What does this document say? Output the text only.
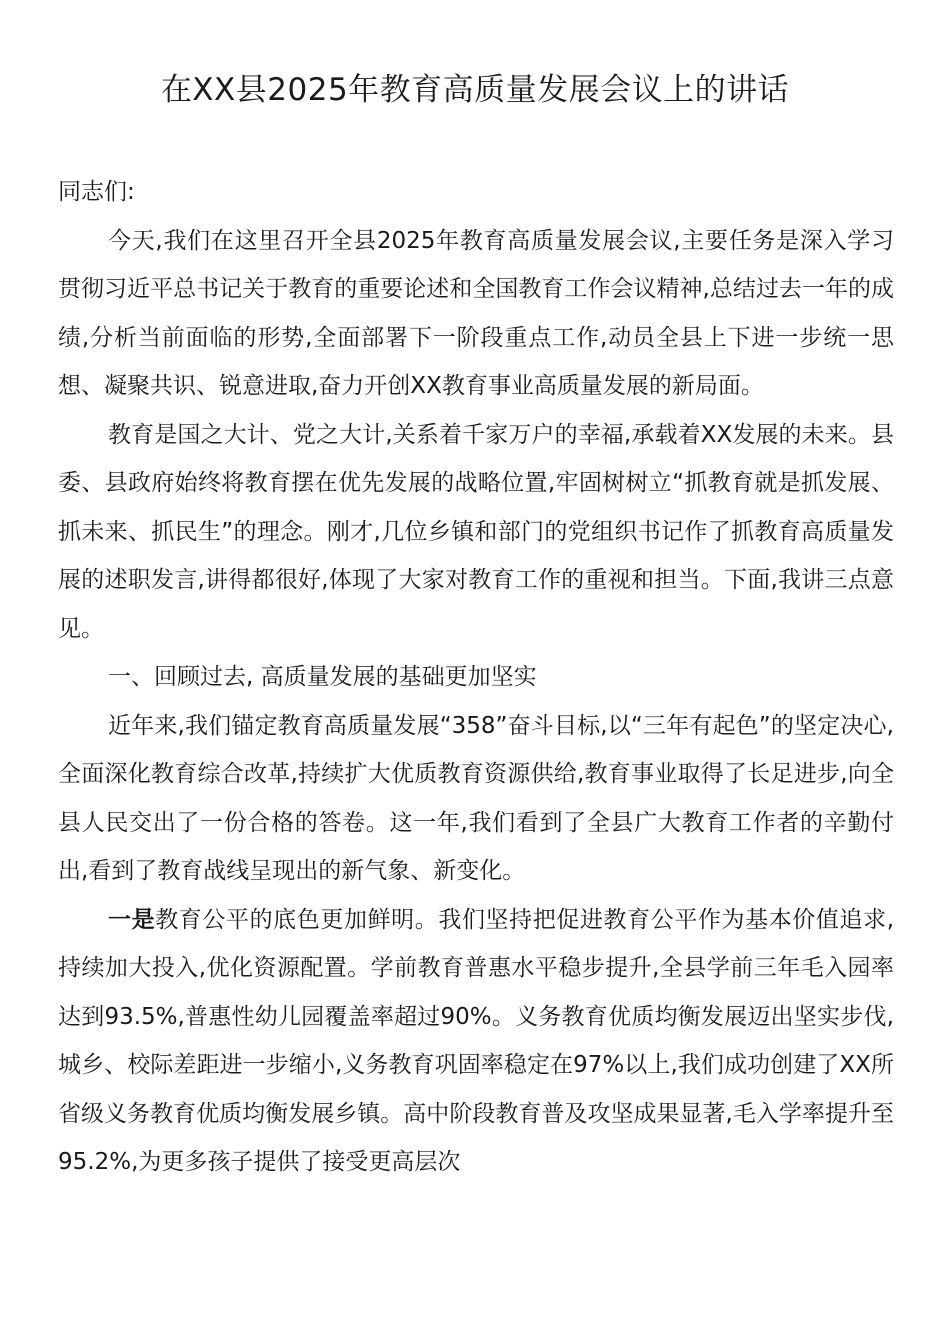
在XX县2025年教育高质量发展会议上的讲话

同志们:

今天,我们在这里召开全县2025年教育高质量发展会议,主要任务是深入学习贯彻习近平总书记关于教育的重要论述和全国教育工作会议精神,总结过去一年的成绩,分析当前面临的形势,全面部署下一阶段重点工作,动员全县上下进一步统一思想、凝聚共识、锐意进取,奋力开创XX教育事业高质量发展的新局面。

教育是国之大计、党之大计,关系着千家万户的幸福,承载着XX发展的未来。县委、县政府始终将教育摆在优先发展的战略位置,牢固树树立“抓教育就是抓发展、抓未来、抓民生”的理念。刚才,几位乡镇和部门的党组织书记作了抓教育高质量发展的述职发言,讲得都很好,体现了大家对教育工作的重视和担当。下面,我讲三点意见。

一、回顾过去, 高质量发展的基础更加坚实

近年来,我们锚定教育高质量发展“358”奋斗目标,以“三年有起色”的坚定决心,全面深化教育综合改革,持续扩大优质教育资源供给,教育事业取得了长足进步,向全县人民交出了一份合格的答卷。这一年,我们看到了全县广大教育工作者的辛勤付出,看到了教育战线呈现出的新气象、新变化。

一是教育公平的底色更加鲜明。我们坚持把促进教育公平作为基本价值追求,持续加大投入,优化资源配置。学前教育普惠水平稳步提升,全县学前三年毛入园率达到93.5%,普惠性幼儿园覆盖率超过90%。义务教育优质均衡发展迈出坚实步伐,城乡、校际差距进一步缩小,义务教育巩固率稳定在97%以上,我们成功创建了XX所省级义务教育优质均衡发展乡镇。高中阶段教育普及攻坚成果显著,毛入学率提升至95.2%,为更多孩子提供了接受更高层次
